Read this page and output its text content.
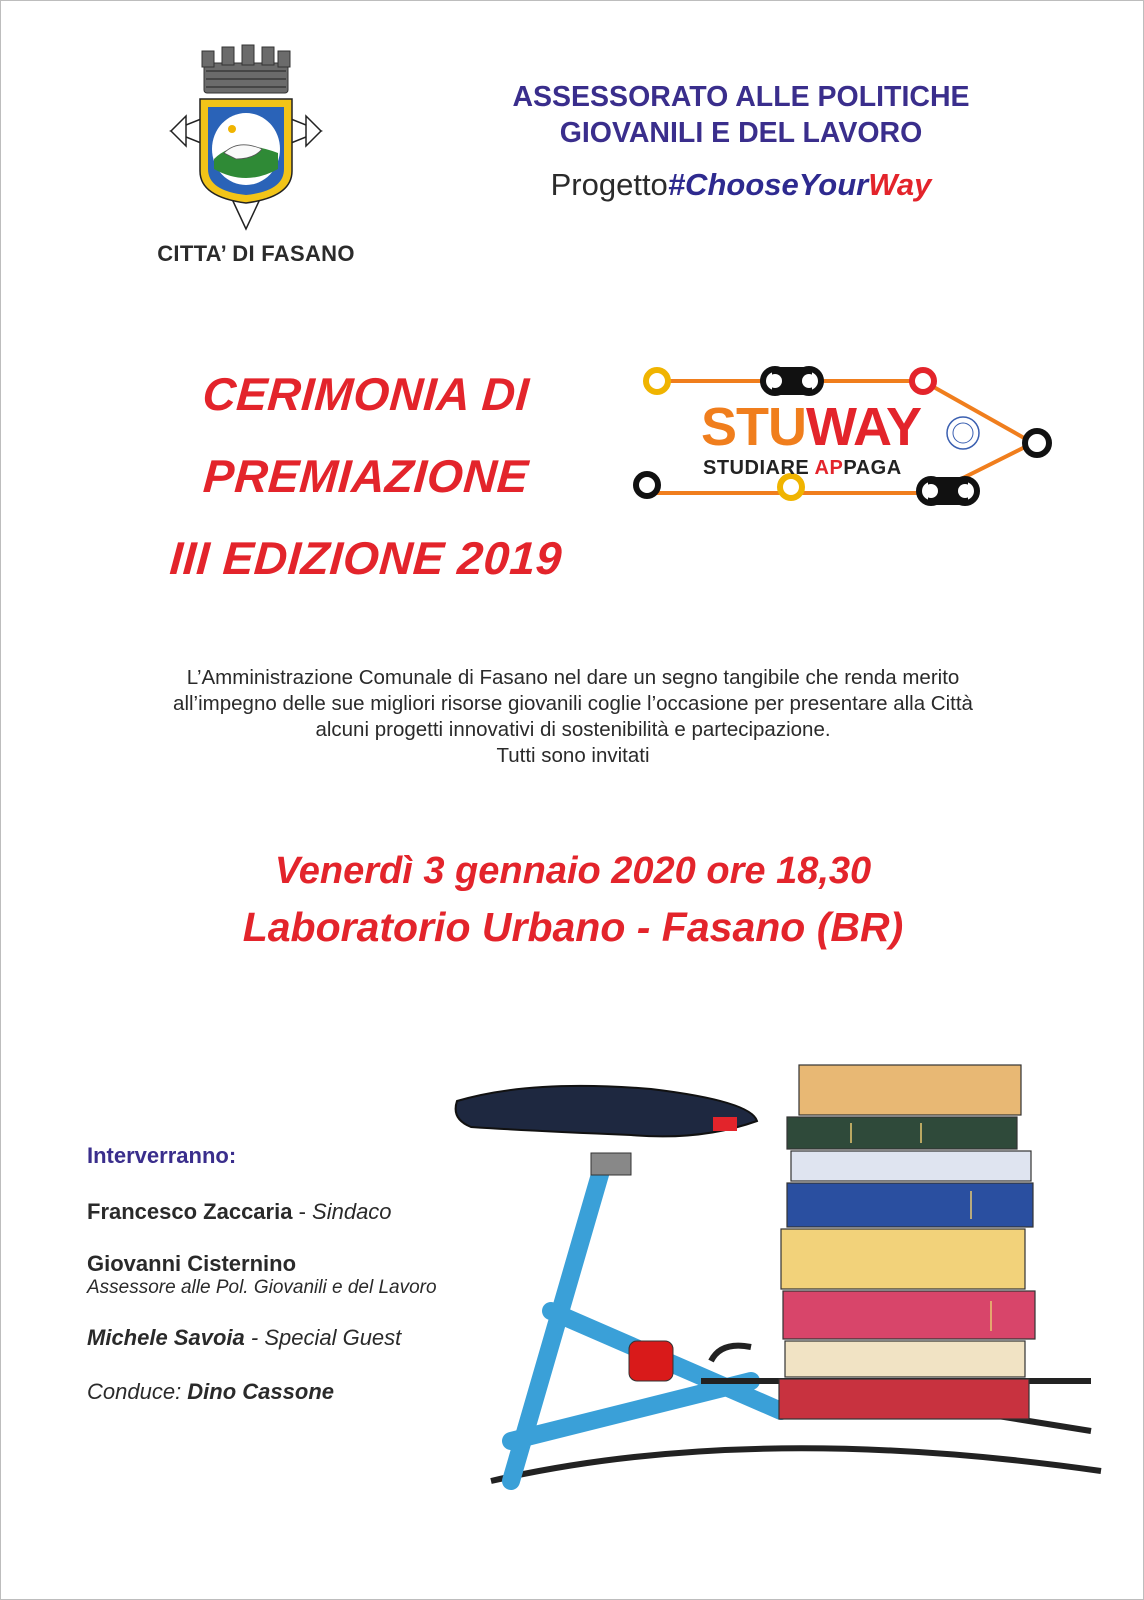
CITTA’ DI FASANO
ASSESSORATO ALLE POLITICHE
GIOVANILI E DEL LAVORO
Progetto#ChooseYourWay
CERIMONIA DI
PREMIAZIONE
III EDIZIONE 2019
STUWAY
STUDIARE APPAGA
L’Amministrazione Comunale di Fasano nel dare un segno tangibile che renda merito
all’impegno delle sue migliori risorse giovanili coglie l’occasione per presentare alla Città
alcuni progetti innovativi di sostenibilità e partecipazione.
Tutti sono invitati
Venerdì 3 gennaio 2020 ore 18,30
Laboratorio Urbano - Fasano (BR)
Interverranno:
Francesco Zaccaria - Sindaco
Giovanni Cisternino
Assessore alle Pol. Giovanili e del Lavoro
Michele Savoia - Special Guest
Conduce: Dino Cassone
